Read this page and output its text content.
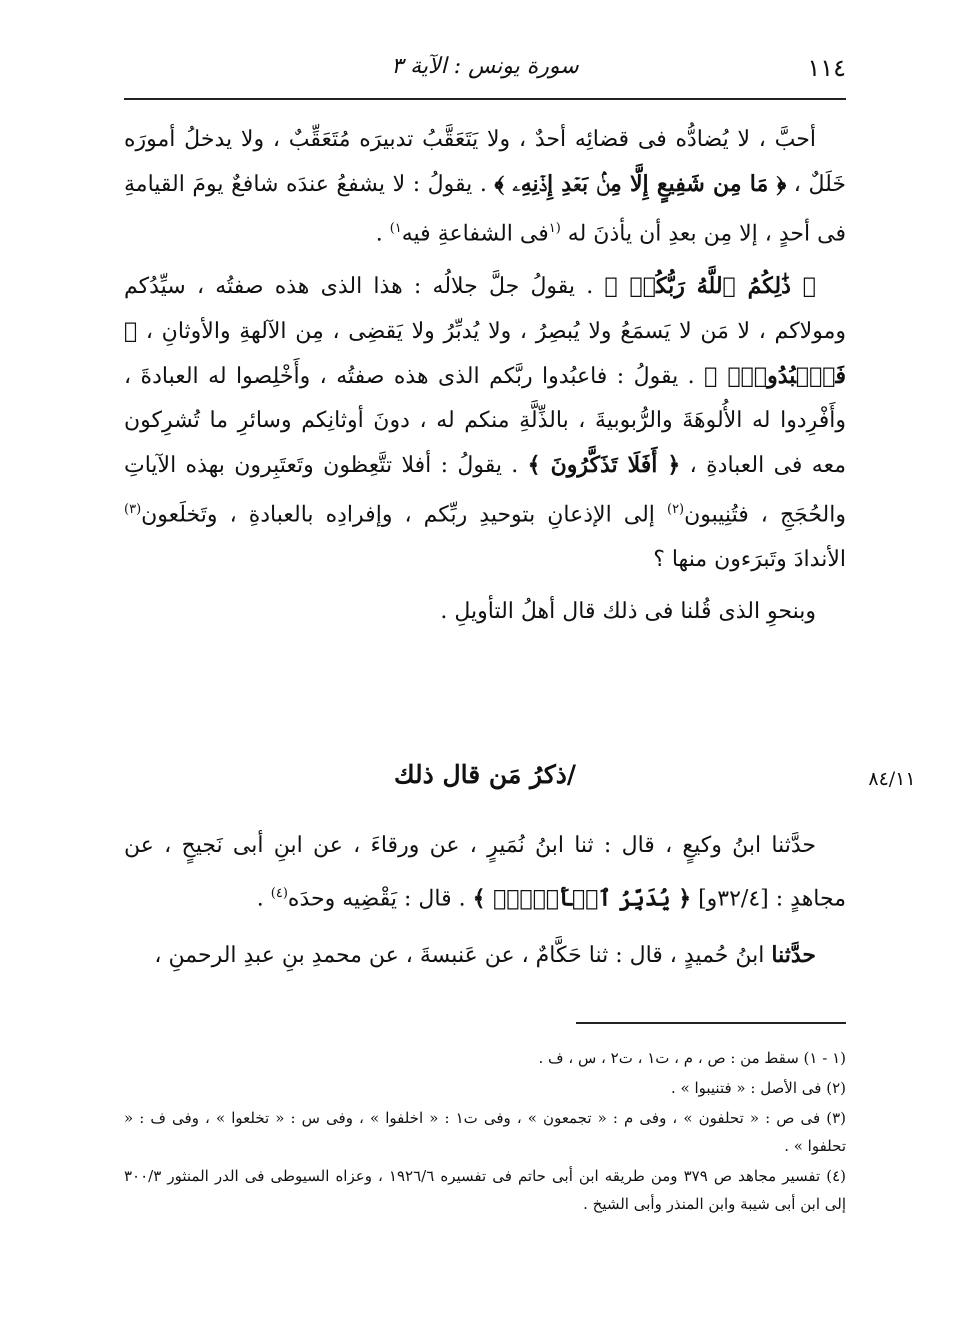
١١٤
سورة يونس : الآية ٣

أحبَّ ، لا يُضادُّه فى قضائِه أحدٌ ، ولا يَتَعَقَّبُ تدبيرَه مُتَعَقِّبٌ ، ولا يدخلُ أمورَه خَلَلٌ ، ﴿ مَا مِن شَفِيعٍ إِلَّا مِنۢ بَعۡدِ إِذۡنِهِۦ ﴾ . يقولُ : لا يشفعُ عندَه شافعٌ يومَ القيامةِ فى أحدٍ ، إلا مِن بعدِ أن يأذنَ له $^{(١}$فى الشفاعةِ فيه$^{١)}$ .

﴿ ذَٰلِكُمُ ٱللَّهُ رَبُّكُمۡ ﴾ . يقولُ جلَّ جلالُه : هذا الذى هذه صفتُه ، سيِّدُكم ومولاكم ، لا مَن لا يَسمَعُ ولا يُبصِرُ ، ولا يُدبِّرُ ولا يَقضِى ، مِن الآلهةِ والأوثانِ ، ﴿ فَٱعۡبُدُوهُۚ ﴾ . يقولُ : فاعبُدوا ربَّكم الذى هذه صفتُه ، وأَخْلِصوا له العبادةَ ، وأَفْرِدوا له الأُلوهَةَ والرُّبوبيةَ ، بالذِّلَّةِ منكم له ، دونَ أوثانِكم وسائرِ ما تُشرِكون معه فى العبادةِ ، ﴿ أَفَلَا تَذَكَّرُونَ ﴾ . يقولُ : أفلا تتَّعِظون وتَعتَبِرون بهذه الآياتِ والحُجَجِ ، فتُنِيبون$^{(٢)}$ إلى الإذعانِ بتوحيدِ ربِّكم ، وإفرادِه بالعبادةِ ، وتَخلَعون$^{(٣)}$ الأندادَ وتَبرَءون منها ؟

وبنحوِ الذى قُلنا فى ذلك قال أهلُ التأويلِ .

/ذكرُ مَن قال ذلك	٨٤/١١

حدَّثنا ابنُ وكيعٍ ، قال : ثنا ابنُ نُمَيرٍ ، عن ورقاءَ ، عن ابنِ أبى نَجيحٍ ، عن مجاهدٍ : [٣٢/٤و] ﴿ يُدَبِّرُ ٱلۡأَمۡرَۖ ﴾ . قال : يَقْضِيه وحدَه$^{(٤)}$ .

حدَّثنا ابنُ حُميدٍ ، قال : ثنا حَكَّامٌ ، عن عَنبسةَ ، عن محمدِ بنِ عبدِ الرحمنِ ،

(١ - ١) سقط من : ص ، م ، ت١ ، ت٢ ، س ، ف .
(٢) فى الأصل : « فتنيبوا » .
(٣) فى ص : « تحلفون » ، وفى م : « تجمعون » ، وفى ت١ : « اخلفوا » ، وفى س : « تخلعوا » ، وفى ف : « تحلفوا » .
(٤) تفسير مجاهد ص ٣٧٩ ومن طريقه ابن أبى حاتم فى تفسيره ١٩٢٦/٦ ، وعزاه السيوطى فى الدر المنثور ٣٠٠/٣ إلى ابن أبى شيبة وابن المنذر وأبى الشيخ .
